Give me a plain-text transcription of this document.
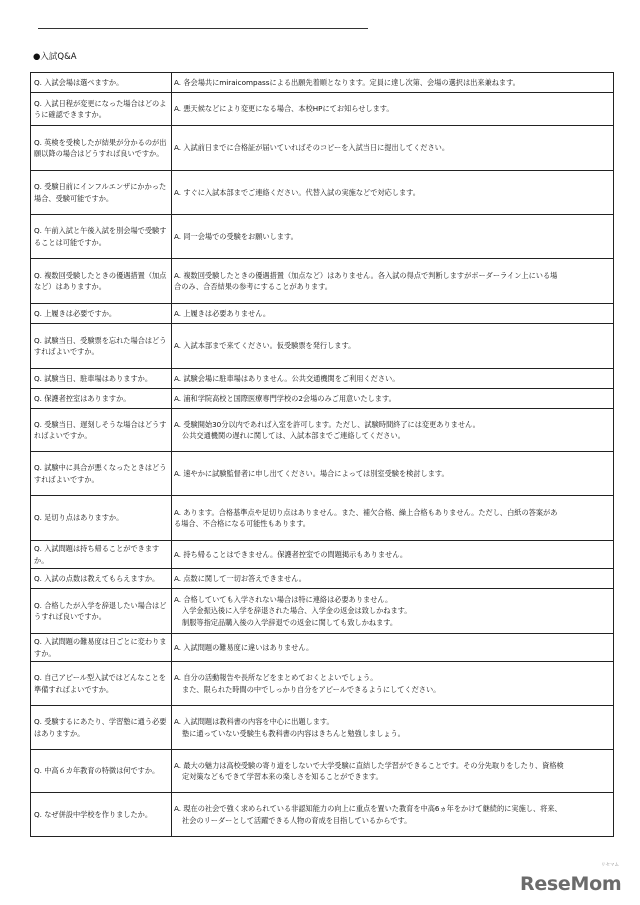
●入試Q&A
Q. 入試会場は選べますか。	A. 各会場共にmiraicompassによる出願先着順となります。定員に達し次第、会場の選択は出来兼ねます。

Q. 入試日程が変更になった場合はどのように確認できますか。	A. 悪天候などにより変更になる場合、本校HPにてお知らせします。

Q. 英検を受検したが結果が分かるのが出願以降の場合はどうすれば良いですか。	A. 入試前日までに合格証が届いていればそのコピーを入試当日に提出してください。

Q. 受験日前にインフルエンザにかかった場合、受験可能ですか。	A. すぐに入試本部までご連絡ください。代替入試の実施などで対応します。

Q. 午前入試と午後入試を別会場で受験することは可能ですか。	A. 同一会場での受験をお願いします。

Q. 複数回受験したときの優遇措置（加点など）はありますか。	A. 複数回受験したときの優遇措置（加点など）はありません。各入試の得点で判断しますがボーダーライン上にいる場
合のみ、合否結果の参考にすることがあります。

Q. 上履きは必要ですか。	A. 上履きは必要ありません。

Q. 試験当日、受験票を忘れた場合はどうすればよいですか。	A. 入試本部まで来てください。仮受験票を発行します。

Q. 試験当日、駐車場はありますか。	A. 試験会場に駐車場はありません。公共交通機関をご利用ください。

Q. 保護者控室はありますか。	A. 浦和学院高校と国際医療専門学校の2会場のみご用意いたします。

Q. 受験当日、遅刻しそうな場合はどうすればよいですか。	A. 受験開始30分以内であれば入室を許可します。ただし、試験時間終了には変更ありません。
公共交通機関の遅れに関しては、入試本部までご連絡してください。

Q. 試験中に具合が悪くなったときはどうすればよいですか。	A. 速やかに試験監督者に申し出てください。場合によっては別室受験を検討します。

Q. 足切り点はありますか。	A. あります。合格基準点や足切り点はありません。また、補欠合格、繰上合格もありません。ただし、白紙の答案があ
る場合、不合格になる可能性もあります。

Q. 入試問題は持ち帰ることができますか。	A. 持ち帰ることはできません。保護者控室での問題掲示もありません。

Q. 入試の点数は教えてもらえますか。	A. 点数に関して一切お答えできません。

Q. 合格したが入学を辞退したい場合はどうすれば良いですか。	A. 合格していても入学されない場合は特に連絡は必要ありません。
入学金振込後に入学を辞退された場合、入学金の返金は致しかねます。
制服等指定品購入後の入学辞退での返金に関しても致しかねます。

Q. 入試問題の難易度は日ごとに変わりますか。	A. 入試問題の難易度に違いはありません。

Q. 自己アピール型入試ではどんなことを準備すればよいですか。	A. 自分の活動報告や長所などをまとめておくとよいでしょう。
また、限られた時間の中でしっかり自分をアピールできるようにしてください。

Q. 受験するにあたり、学習塾に通う必要はありますか。	A. 入試問題は教科書の内容を中心に出題します。
塾に通っていない受験生も教科書の内容はきちんと勉強しましょう。

Q. 中高６カ年教育の特徴は何ですか。	A. 最大の魅力は高校受験の寄り道をしないで大学受験に直結した学習ができることです。その分先取りをしたり、資格検
定対策などもできて学習本来の楽しさを知ることができます。

Q. なぜ併設中学校を作りましたか。	A. 現在の社会で強く求められている非認知能力の向上に重点を置いた教育を中高6ヵ年をかけて継続的に実施し、将来、
社会のリーダーとして活躍できる人物の育成を目指しているからです。
リセマム
ReseMom
